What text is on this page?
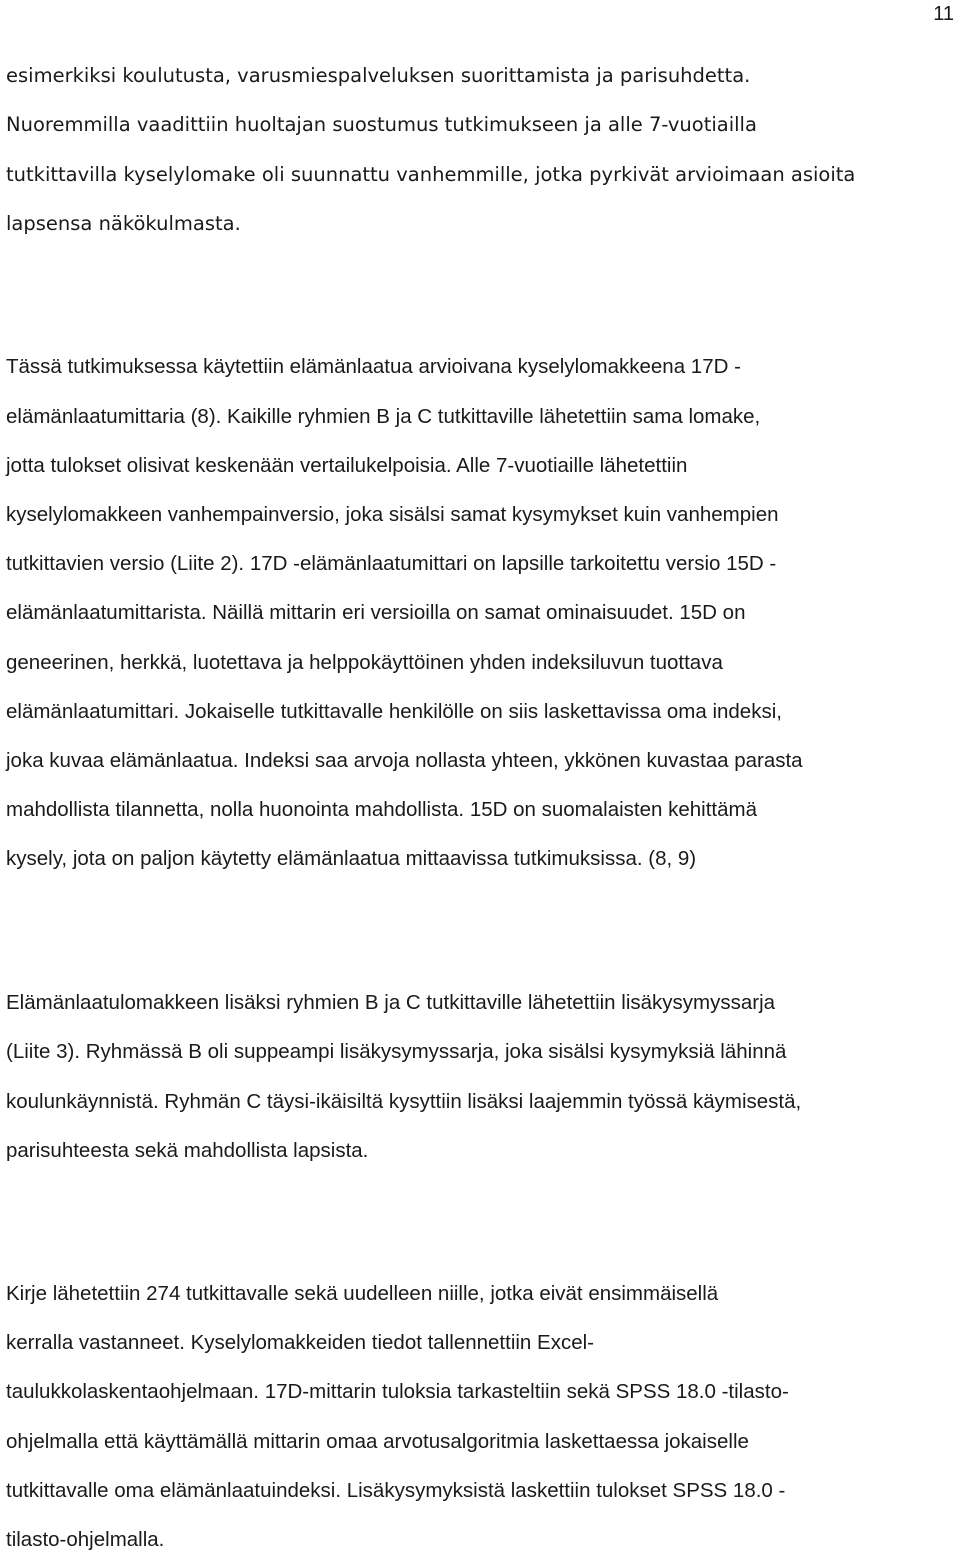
11
esimerkiksi koulutusta, varusmiespalveluksen suorittamista ja parisuhdetta.
Nuoremmilla vaadittiin huoltajan suostumus tutkimukseen ja alle 7-vuotiailla
tutkittavilla kyselylomake oli suunnattu vanhemmille, jotka pyrkivät arvioimaan asioita
lapsensa näkökulmasta.
Tässä tutkimuksessa käytettiin elämänlaatua arvioivana kyselylomakkeena 17D -
elämänlaatumittaria (8). Kaikille ryhmien B ja C tutkittaville lähetettiin sama lomake,
jotta tulokset olisivat keskenään vertailukelpoisia. Alle 7-vuotiaille lähetettiin
kyselylomakkeen vanhempainversio, joka sisälsi samat kysymykset kuin vanhempien
tutkittavien versio (Liite 2). 17D -elämänlaatumittari on lapsille tarkoitettu versio 15D -
elämänlaatumittarista. Näillä mittarin eri versioilla on samat ominaisuudet. 15D on
geneerinen, herkkä, luotettava ja helppokäyttöinen yhden indeksiluvun tuottava
elämänlaatumittari. Jokaiselle tutkittavalle henkilölle on siis laskettavissa oma indeksi,
joka kuvaa elämänlaatua. Indeksi saa arvoja nollasta yhteen, ykkönen kuvastaa parasta
mahdollista tilannetta, nolla huonointa mahdollista. 15D on suomalaisten kehittämä
kysely, jota on paljon käytetty elämänlaatua mittaavissa tutkimuksissa. (8, 9)
Elämänlaatulomakkeen lisäksi ryhmien B ja C tutkittaville lähetettiin lisäkysymyssarja
(Liite 3). Ryhmässä B oli suppeampi lisäkysymyssarja, joka sisälsi kysymyksiä lähinnä
koulunkäynnistä. Ryhmän C täysi-ikäisiltä kysyttiin lisäksi laajemmin työssä käymisestä,
parisuhteesta sekä mahdollista lapsista.
Kirje lähetettiin 274 tutkittavalle sekä uudelleen niille, jotka eivät ensimmäisellä
kerralla vastanneet. Kyselylomakkeiden tiedot tallennettiin Excel-
taulukkolaskentaohjelmaan. 17D-mittarin tuloksia tarkasteltiin sekä SPSS 18.0 -tilasto-
ohjelmalla että käyttämällä mittarin omaa arvotusalgoritmia laskettaessa jokaiselle
tutkittavalle oma elämänlaatuindeksi. Lisäkysymyksistä laskettiin tulokset SPSS 18.0 -
tilasto-ohjelmalla.
